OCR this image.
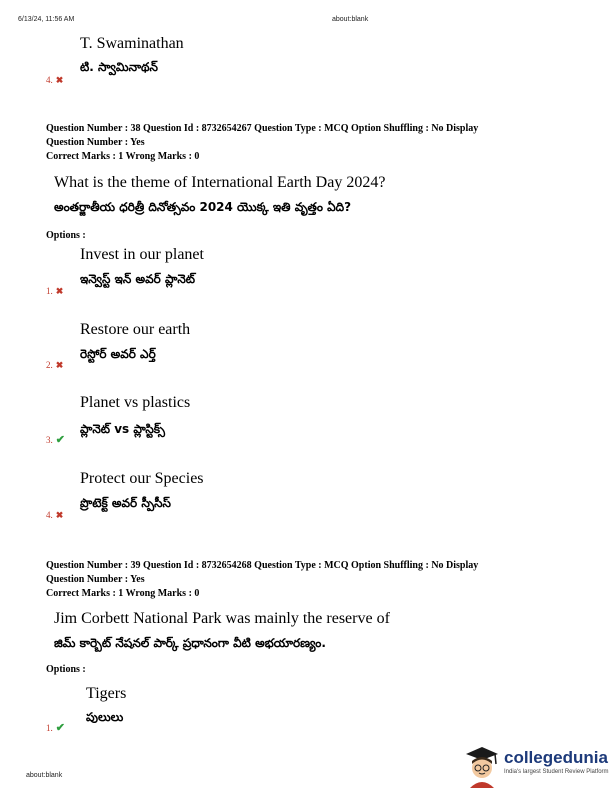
6/13/24, 11:56 AM	about:blank
T. Swaminathan
టి. స్వామినాథన్
4. ✖
Question Number : 38 Question Id : 8732654267 Question Type : MCQ Option Shuffling : No Display
Question Number : Yes
Correct Marks : 1 Wrong Marks : 0
What is the theme of International Earth Day 2024?
అంతర్జాతీయ ధరిత్రీ దినోత్సవం 2024 యొక్క ఇతి వృత్తం ఏది?
Options :
Invest in our planet
ఇన్వెస్ట్ ఇన్ అవర్ ప్లానెట్
1. ✖
Restore our earth
రెస్టోర్ అవర్ ఎర్త్
2. ✖
Planet vs plastics
ప్లానెట్ vs ప్లాస్టిక్స్
3. ✔
Protect our Species
ప్రొటెక్ట్ అవర్ స్పీసీస్
4. ✖
Question Number : 39 Question Id : 8732654268 Question Type : MCQ Option Shuffling : No Display
Question Number : Yes
Correct Marks : 1 Wrong Marks : 0
Jim Corbett National Park was mainly the reserve of
జిమ్ కార్బెట్ నేషనల్ పార్క్ ప్రధానంగా వీటి అభయారణ్యం.
Options :
Tigers
పులులు
1. ✔
about:blank
collegedunia
India's largest Student Review Platform
